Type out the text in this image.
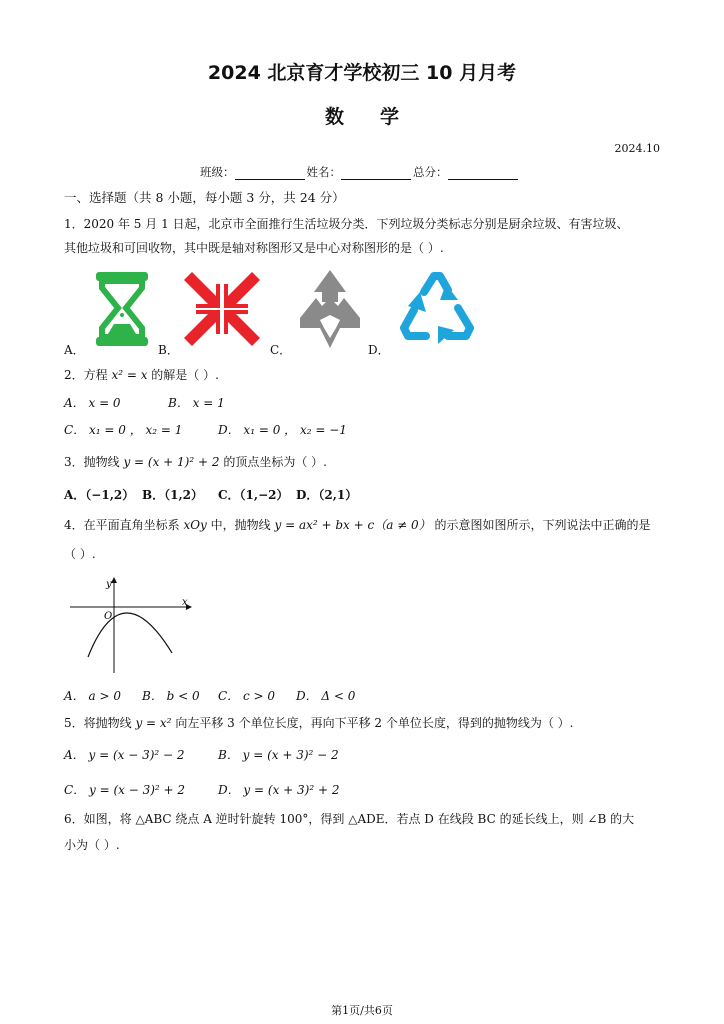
2024 北京育才学校初三 10 月月考
数学
2024.10
班级：	姓名：	总分：
一、选择题（共 8 小题，每小题 3 分，共 24 分）
1．2020 年 5 月 1 日起，北京市全面推行生活垃圾分类．下列垃圾分类标志分别是厨余垃圾、有害垃圾、
其他垃圾和可回收物，其中既是轴对称图形又是中心对称图形的是（ ）.
A．	B．	C．	D．
2．方程 x² = x 的解是（ ）.
A． x = 0	B． x = 1
C． x₁ = 0 ， x₂ = 1	D． x₁ = 0 ， x₂ = −1
3．抛物线 y = (x + 1)² + 2 的顶点坐标为（ ）.
A．（−1,2） B．（1,2） C．（1,−2） D．（2,1）
4．在平面直角坐标系 xOy 中，抛物线 y = ax² + bx + c（a ≠ 0） 的示意图如图所示，下列说法中正确的是
（ ）.
y
x
O
A． a > 0 B． b < 0 C． c > 0 D． Δ < 0
5．将抛物线 y = x² 向左平移 3 个单位长度，再向下平移 2 个单位长度，得到的抛物线为（ ）.
A． y = (x − 3)² − 2	B． y = (x + 3)² − 2
C． y = (x − 3)² + 2	D． y = (x + 3)² + 2
6．如图，将 △ABC 绕点 A 逆时针旋转 100°，得到 △ADE．若点 D 在线段 BC 的延长线上，则 ∠B 的大
小为（ ）.
第1页/共6页
